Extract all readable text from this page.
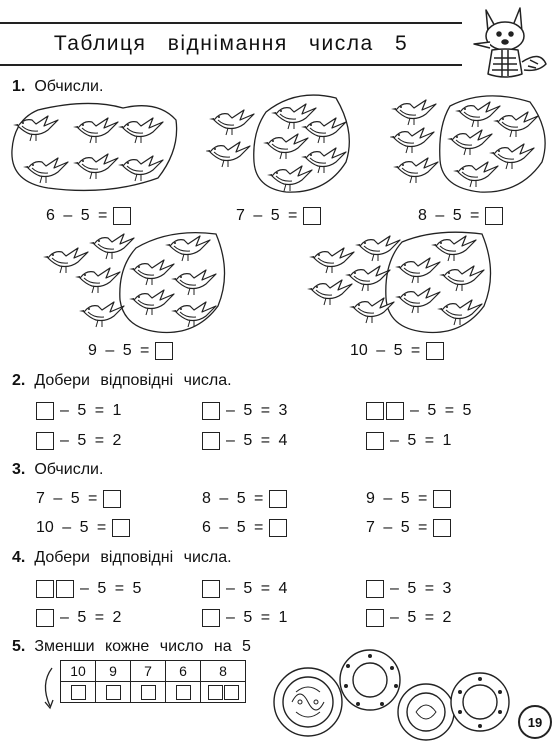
Таблиця віднімання числа 5
1. Обчисли.
6 – 5 =	7 – 5 =	8 – 5 =
9 – 5 =	10 – 5 =
2. Добери відповідні числа.
– 5 = 1	– 5 = 3	– 5 = 5
– 5 = 2	– 5 = 4	– 5 = 1
3. Обчисли.
7 – 5 =	8 – 5 =	9 – 5 =
10 – 5 =	6 – 5 =	7 – 5 =
4. Добери відповідні числа.
– 5 = 5	– 5 = 4	– 5 = 3
– 5 = 2	– 5 = 1	– 5 = 2
5. Зменши кожне число на 5
10	9	7	6	8

19
